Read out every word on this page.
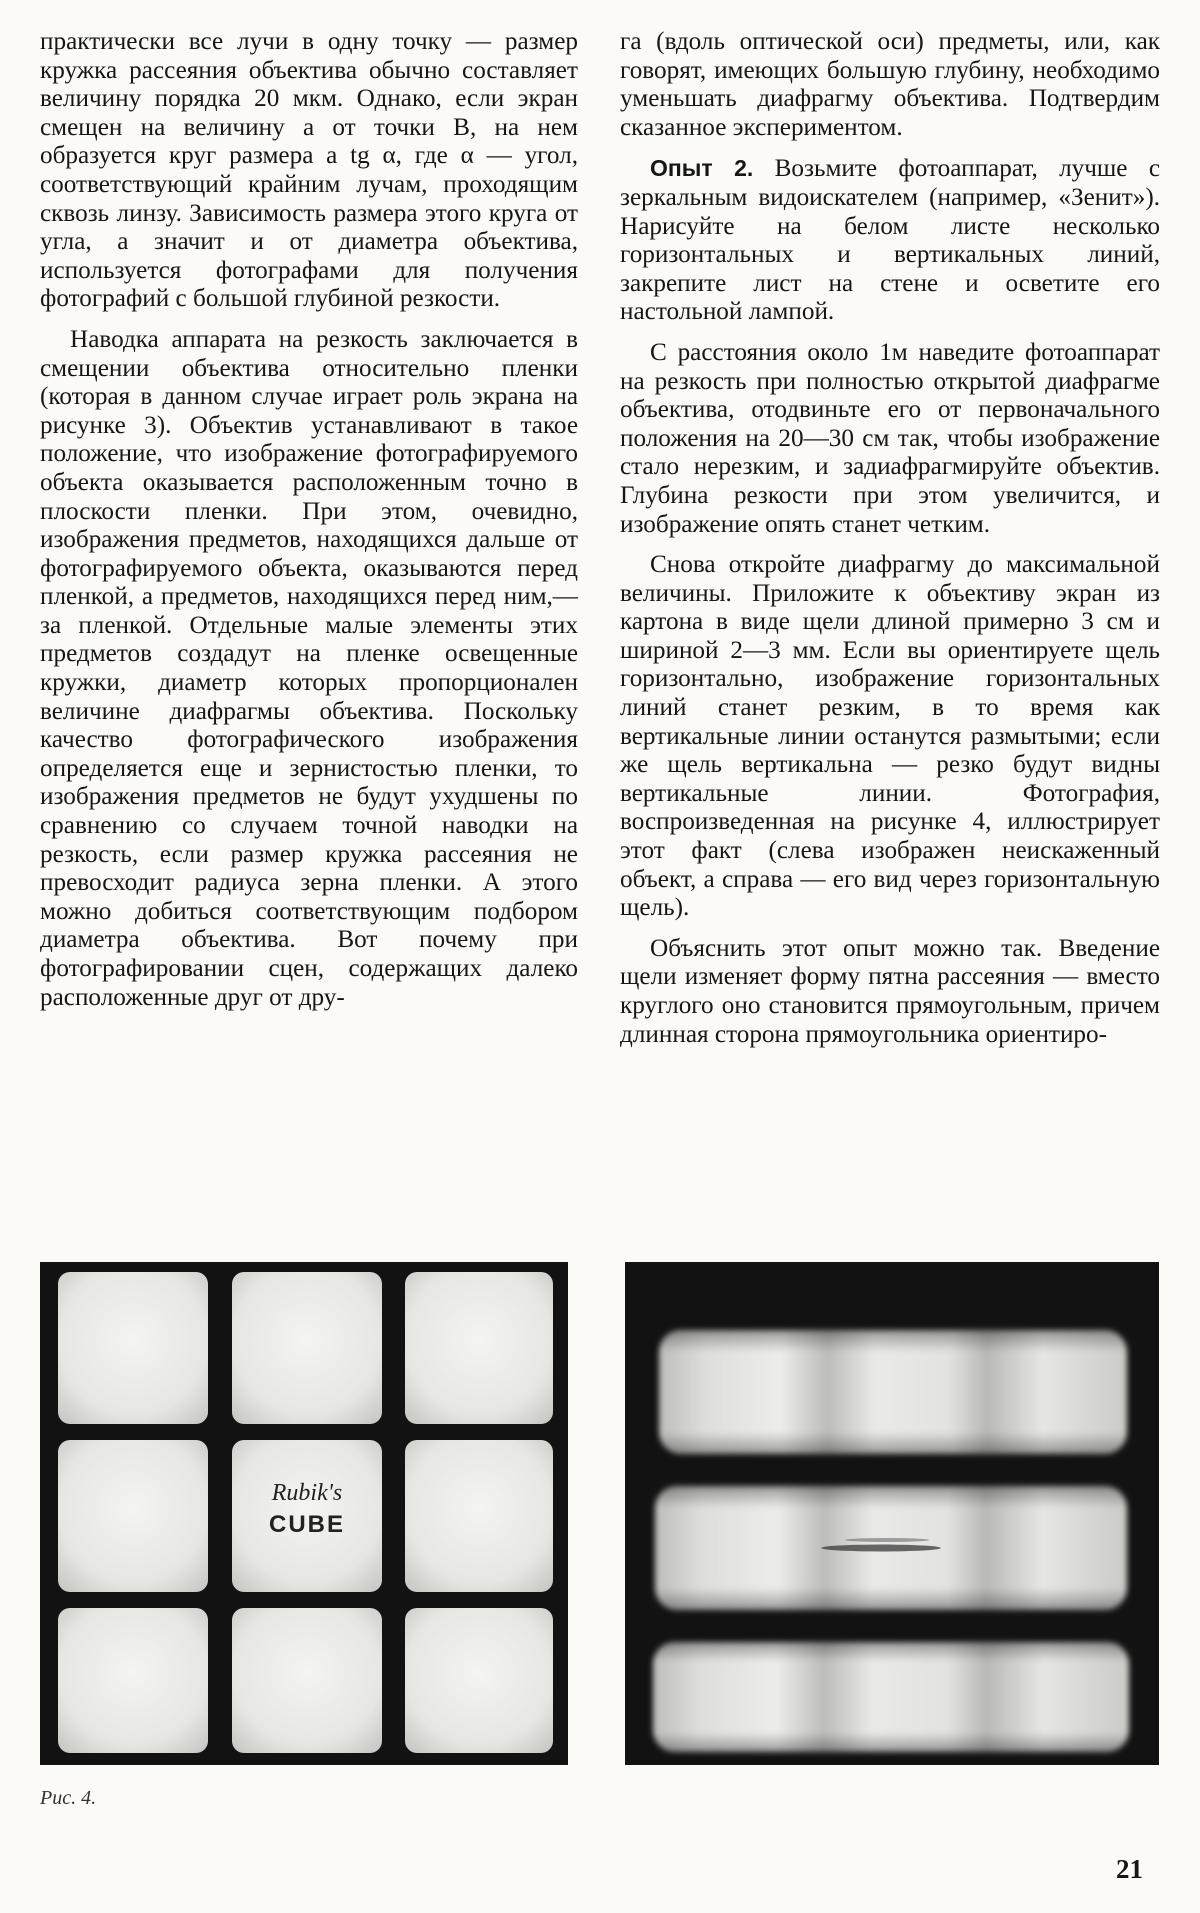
практически все лучи в одну точку — размер кружка рассеяния объектива обычно составляет величину порядка 20 мкм. Однако, если экран смещен на величину a от точки B, на нем образуется круг размера a tg α, где α — угол, соответствующий крайним лучам, проходящим сквозь линзу. Зависимость размера этого круга от угла, а значит и от диаметра объектива, используется фотографами для получения фотографий с большой глубиной резкости.

Наводка аппарата на резкость заключается в смещении объектива относительно пленки (которая в данном случае играет роль экрана на рисунке 3). Объектив устанавливают в такое положение, что изображение фотографируемого объекта оказывается расположенным точно в плоскости пленки. При этом, очевидно, изображения предметов, находящихся дальше от фотографируемого объекта, оказываются перед пленкой, а предметов, находящихся перед ним,— за пленкой. Отдельные малые элементы этих предметов создадут на пленке освещенные кружки, диаметр которых пропорционален величине диафрагмы объектива. Поскольку качество фотографического изображения определяется еще и зернистостью пленки, то изображения предметов не будут ухудшены по сравнению со случаем точной наводки на резкость, если размер кружка рассеяния не превосходит радиуса зерна пленки. А этого можно добиться соответствующим подбором диаметра объектива. Вот почему при фотографировании сцен, содержащих далеко расположенные друг от дру-

га (вдоль оптической оси) предметы, или, как говорят, имеющих большую глубину, необходимо уменьшать диафрагму объектива. Подтвердим сказанное экспериментом.

Опыт 2. Возьмите фотоаппарат, лучше с зеркальным видоискателем (например, «Зенит»). Нарисуйте на белом листе несколько горизонтальных и вертикальных линий, закрепите лист на стене и осветите его настольной лампой.

С расстояния около 1м наведите фотоаппарат на резкость при полностью открытой диафрагме объектива, отодвиньте его от первоначального положения на 20—30 см так, чтобы изображение стало нерезким, и задиафрагмируйте объектив. Глубина резкости при этом увеличится, и изображение опять станет четким.

Снова откройте диафрагму до максимальной величины. Приложите к объективу экран из картона в виде щели длиной примерно 3 см и шириной 2—3 мм. Если вы ориентируете щель горизонтально, изображение горизонтальных линий станет резким, в то время как вертикальные линии останутся размытыми; если же щель вертикальна — резко будут видны вертикальные линии. Фотография, воспроизведенная на рисунке 4, иллюстрирует этот факт (слева изображен неискаженный объект, а справа — его вид через горизонтальную щель).

Объяснить этот опыт можно так. Введение щели изменяет форму пятна рассеяния — вместо круглого оно становится прямоугольным, причем длинная сторона прямоугольника ориентиро-

Rubik's
CUBE
Рис. 4.
21
